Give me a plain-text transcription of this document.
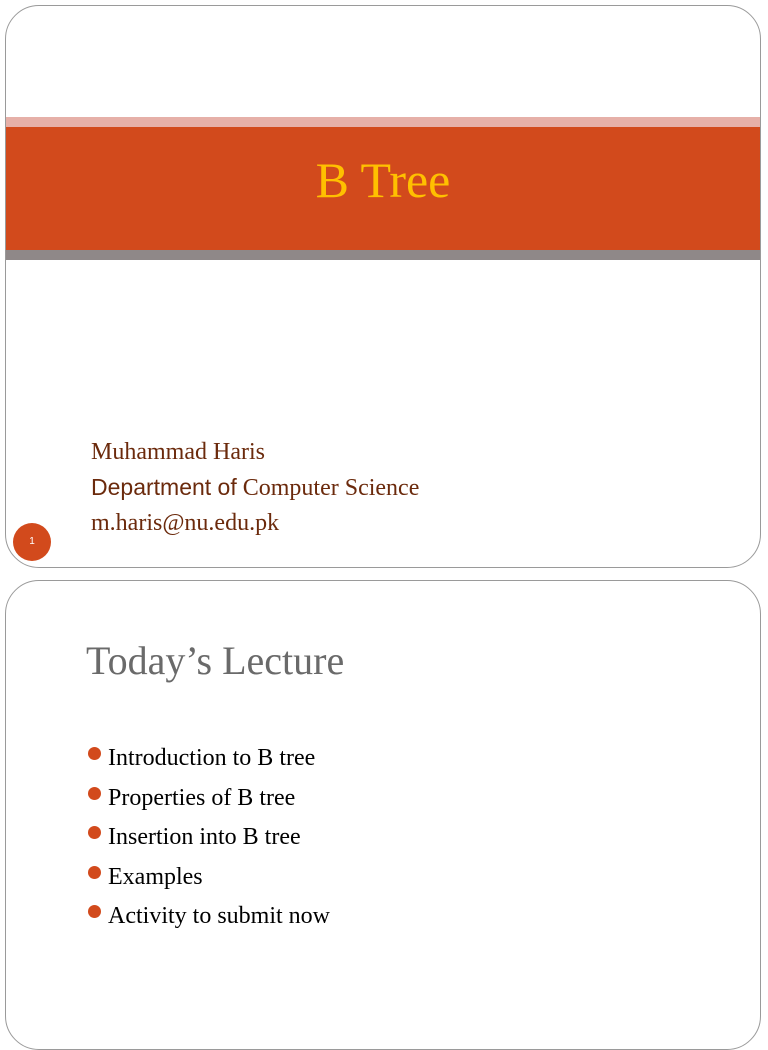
B Tree
Muhammad Haris
Department of Computer Science
m.haris@nu.edu.pk
1
Today’s Lecture
Introduction to B tree
Properties of B tree
Insertion into B tree
Examples
Activity to submit now
